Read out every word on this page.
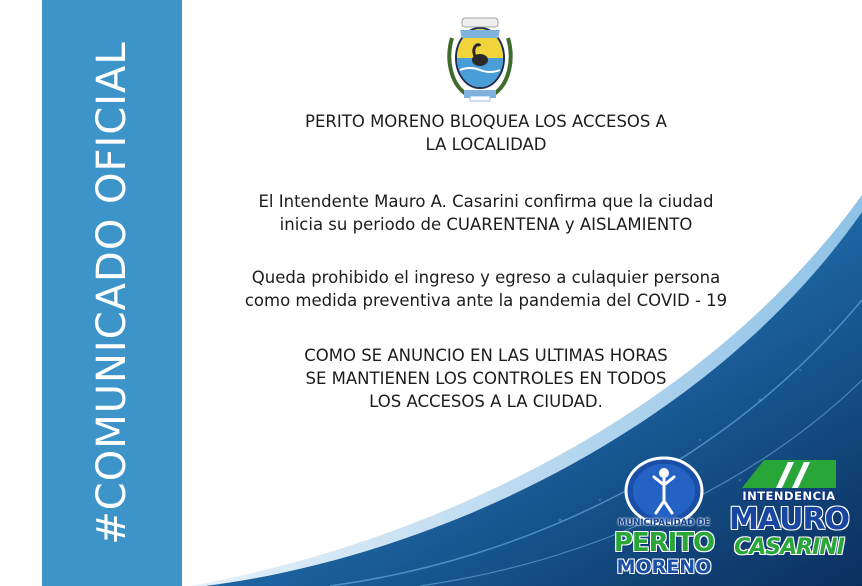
#COMUNICADO OFICIAL	PERITO MORENO BLOQUEA LOS ACCESOS A
LA LOCALIDAD
El Intendente Mauro A. Casarini confirma que la ciudad
inicia su periodo de CUARENTENA y AISLAMIENTO
Queda prohibido el ingreso y egreso a culaquier persona
como medida preventiva ante la pandemia del COVID - 19
COMO SE ANUNCIO EN LAS ULTIMAS HORAS
SE MANTIENEN LOS CONTROLES EN TODOS
LOS ACCESOS A LA CIUDAD.
MUNICIPALIDAD DE
PERITO
MORENO
INTENDENCIA
MAURO
CASARINI
